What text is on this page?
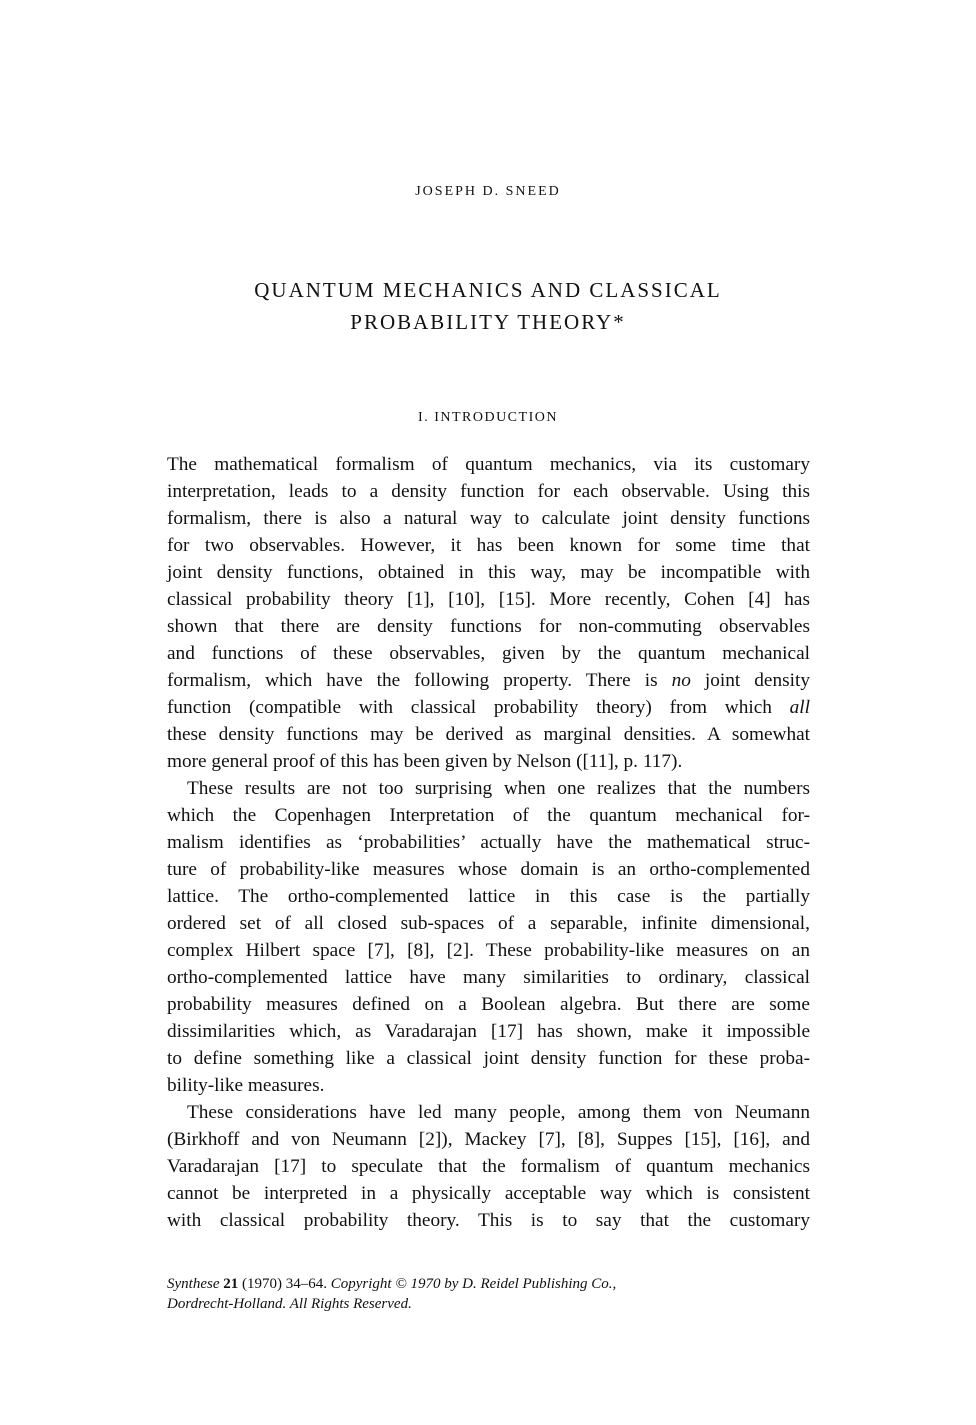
JOSEPH D. SNEED
QUANTUM MECHANICS AND CLASSICAL
PROBABILITY THEORY*
I. INTRODUCTION
The mathematical formalism of quantum mechanics, via its customary
interpretation, leads to a density function for each observable. Using this
formalism, there is also a natural way to calculate joint density functions
for two observables. However, it has been known for some time that
joint density functions, obtained in this way, may be incompatible with
classical probability theory [1], [10], [15]. More recently, Cohen [4] has
shown that there are density functions for non-commuting observables
and functions of these observables, given by the quantum mechanical
formalism, which have the following property. There is no joint density
function (compatible with classical probability theory) from which all
these density functions may be derived as marginal densities. A somewhat
more general proof of this has been given by Nelson ([11], p. 117).
These results are not too surprising when one realizes that the numbers
which the Copenhagen Interpretation of the quantum mechanical for-
malism identifies as ‘probabilities’ actually have the mathematical struc-
ture of probability-like measures whose domain is an ortho-complemented
lattice. The ortho-complemented lattice in this case is the partially
ordered set of all closed sub-spaces of a separable, infinite dimensional,
complex Hilbert space [7], [8], [2]. These probability-like measures on an
ortho-complemented lattice have many similarities to ordinary, classical
probability measures defined on a Boolean algebra. But there are some
dissimilarities which, as Varadarajan [17] has shown, make it impossible
to define something like a classical joint density function for these proba-
bility-like measures.
These considerations have led many people, among them von Neumann
(Birkhoff and von Neumann [2]), Mackey [7], [8], Suppes [15], [16], and
Varadarajan [17] to speculate that the formalism of quantum mechanics
cannot be interpreted in a physically acceptable way which is consistent
with classical probability theory. This is to say that the customary
Synthese 21 (1970) 34–64. Copyright © 1970 by D. Reidel Publishing Co.,
Dordrecht-Holland. All Rights Reserved.
